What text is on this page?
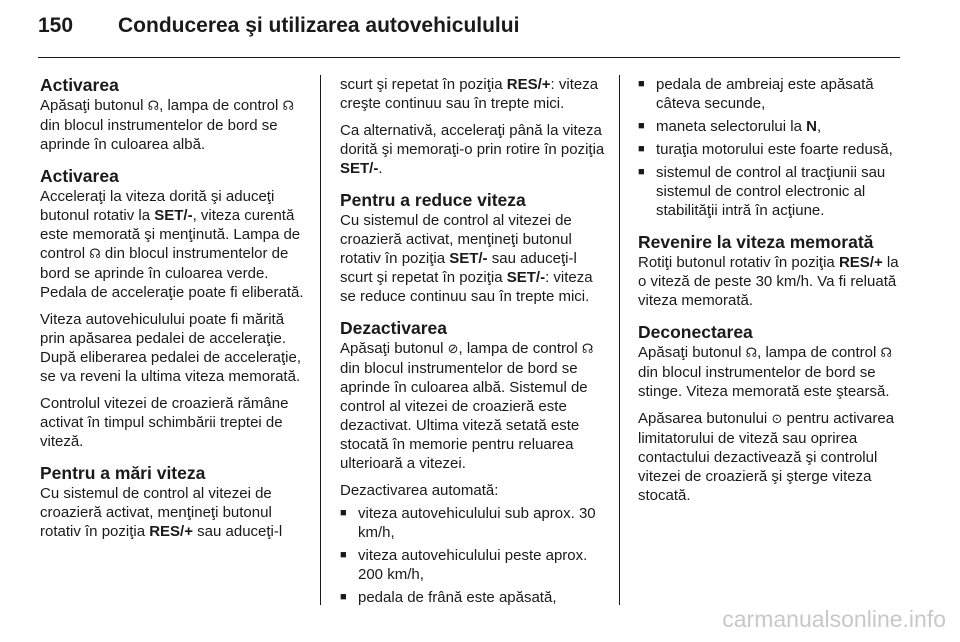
150 Conducerea şi utilizarea autovehiculului
Activarea

Apăsaţi butonul ☊, lampa de control ☊ din blocul instrumentelor de bord se aprinde în culoarea albă.

Activarea

Acceleraţi la viteza dorită şi aduceţi butonul rotativ la SET/-, viteza curentă este memorată şi menţinută. Lampa de control ☊ din blocul instrumentelor de bord se aprinde în culoarea verde. Pedala de acceleraţie poate fi eliberată.

Viteza autovehiculului poate fi mărită prin apăsarea pedalei de acceleraţie. După eliberarea pedalei de acceleraţie, se va reveni la ultima viteza memorată.

Controlul vitezei de croazieră rămâne activat în timpul schimbării treptei de viteză.

Pentru a mări viteza

Cu sistemul de control al vitezei de croazieră activat, menţineţi butonul rotativ în poziţia RES/+ sau aduceţi-l

scurt şi repetat în poziţia RES/+: viteza creşte continuu sau în trepte mici.

Ca alternativă, acceleraţi până la viteza dorită şi memoraţi-o prin rotire în poziţia SET/-.

Pentru a reduce viteza

Cu sistemul de control al vitezei de croazieră activat, menţineţi butonul rotativ în poziţia SET/- sau aduceţi-l scurt şi repetat în poziţia SET/-: viteza se reduce continuu sau în trepte mici.

Dezactivarea

Apăsaţi butonul ⊘, lampa de control ☊ din blocul instrumentelor de bord se aprinde în culoarea albă. Sistemul de control al vitezei de croazieră este dezactivat. Ultima viteză setată este stocată în memorie pentru reluarea ulterioară a vitezei.

Dezactivarea automată:

■ viteza autovehiculului sub aprox. 30 km/h,
■ viteza autovehiculului peste aprox. 200 km/h,
■ pedala de frână este apăsată,
■ pedala de ambreiaj este apăsată câteva secunde,
■ maneta selectorului la N,
■ turaţia motorului este foarte redusă,
■ sistemul de control al tracţiunii sau sistemul de control electronic al stabilităţii intră în acţiune.
Revenire la viteza memorată

Rotiţi butonul rotativ în poziţia RES/+ la o viteză de peste 30 km/h. Va fi reluată viteza memorată.

Deconectarea

Apăsaţi butonul ☊, lampa de control ☊ din blocul instrumentelor de bord se stinge. Viteza memorată este ştearsă.

Apăsarea butonului ⊙ pentru activarea limitatorului de viteză sau oprirea contactului dezactivează şi controlul vitezei de croazieră şi şterge viteza stocată.

carmanualsonline.info
